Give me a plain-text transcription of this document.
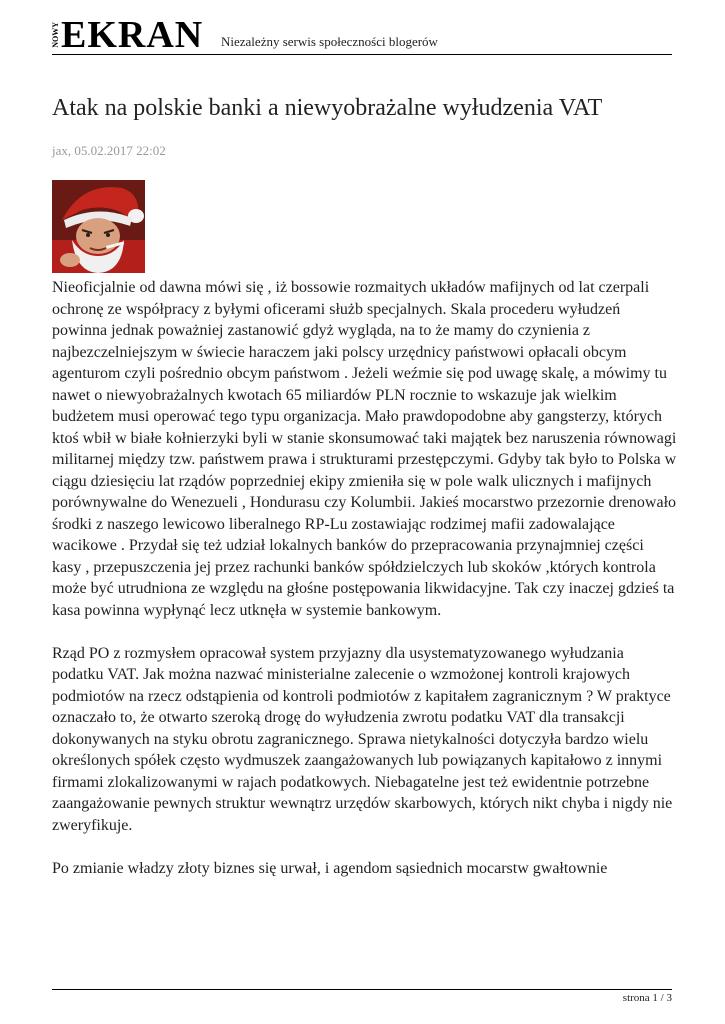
NOWY EKRAN Niezależny serwis społeczności blogerów
Atak na polskie banki a niewyobrażalne wyłudzenia VAT
jax, 05.02.2017 22:02

Nieoficjalnie od dawna mówi się , iż bossowie rozmaitych układów mafijnych od lat czerpali ochronę ze współpracy z byłymi oficerami służb specjalnych. Skala procederu wyłudzeń powinna jednak poważniej zastanowić gdyż wygląda, na to że mamy do czynienia z najbezczelniejszym w świecie haraczem jaki polscy urzędnicy państwowi opłacali obcym agenturom czyli pośrednio obcym państwom . Jeżeli weźmie się pod uwagę skalę, a mówimy tu nawet o niewyobrażalnych kwotach 65 miliardów PLN rocznie to wskazuje jak wielkim budżetem musi operować tego typu organizacja. Mało prawdopodobne aby gangsterzy, których ktoś wbił w białe kołnierzyki byli w stanie skonsumować taki majątek bez naruszenia równowagi militarnej między tzw. państwem prawa i strukturami przestępczymi. Gdyby tak było to Polska w ciągu dziesięciu lat rządów poprzedniej ekipy zmieniła się w pole walk ulicznych i mafijnych porównywalne do Wenezueli , Hondurasu czy Kolumbii. Jakieś mocarstwo przezornie drenowało środki z naszego lewicowo liberalnego RP-Lu zostawiając rodzimej mafii zadowalające wacikowe . Przydał się też udział lokalnych banków do przepracowania przynajmniej części kasy , przepuszczenia jej przez rachunki banków spółdzielczych lub skoków ,których kontrola może być utrudniona ze względu na głośne postępowania likwidacyjne. Tak czy inaczej gdzieś ta kasa powinna wypłynąć lecz utknęła w systemie bankowym.

Rząd PO z rozmysłem opracował system przyjazny dla usystematyzowanego wyłudzania podatku VAT. Jak można nazwać ministerialne zalecenie o wzmożonej kontroli krajowych podmiotów na rzecz odstąpienia od kontroli podmiotów z kapitałem zagranicznym ? W praktyce oznaczało to, że otwarto szeroką drogę do wyłudzenia zwrotu podatku VAT dla transakcji dokonywanych na styku obrotu zagranicznego. Sprawa nietykalności dotyczyła bardzo wielu określonych spółek często wydmuszek zaangażowanych lub powiązanych kapitałowo z innymi firmami zlokalizowanymi w rajach podatkowych. Niebagatelne jest też ewidentnie potrzebne zaangażowanie pewnych struktur wewnątrz urzędów skarbowych, których nikt chyba i nigdy nie zweryfikuje.

Po zmianie władzy złoty biznes się urwał, i agendom sąsiednich mocarstw gwałtownie

strona 1 / 3
